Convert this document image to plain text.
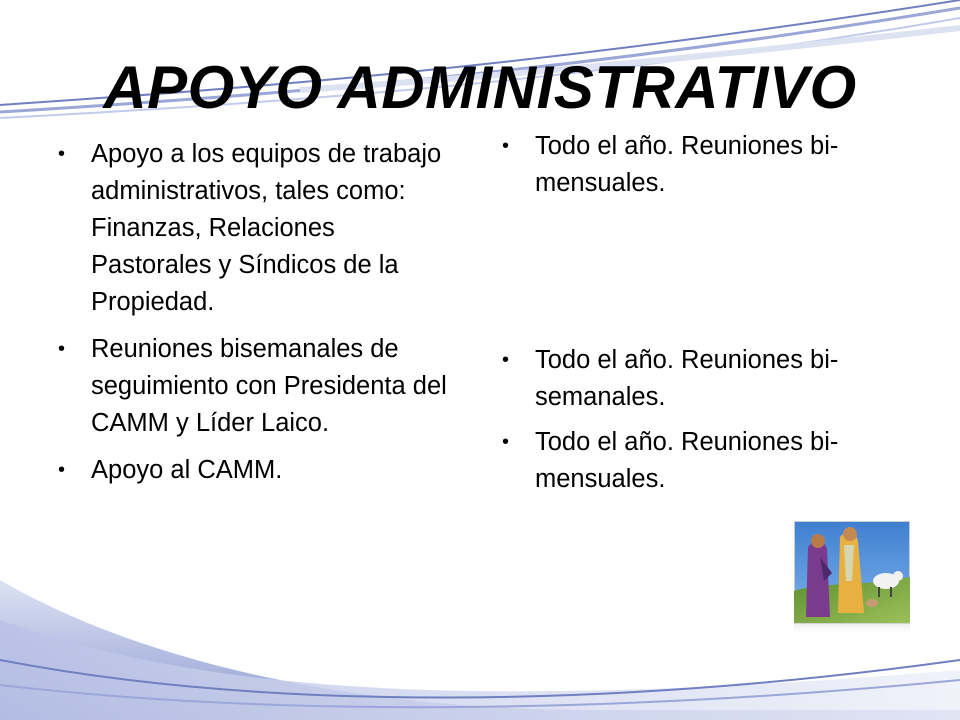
APOYO ADMINISTRATIVO
• Apoyo a los equipos de trabajo administrativos, tales como: Finanzas, Relaciones Pastorales y Síndicos de la Propiedad.
• Reuniones bisemanales de seguimiento con Presidenta del CAMM y Líder Laico.
• Apoyo al CAMM.
• Todo el año. Reuniones bi-mensuales.
• Todo el año. Reuniones bi-semanales.
• Todo el año. Reuniones bi-mensuales.
